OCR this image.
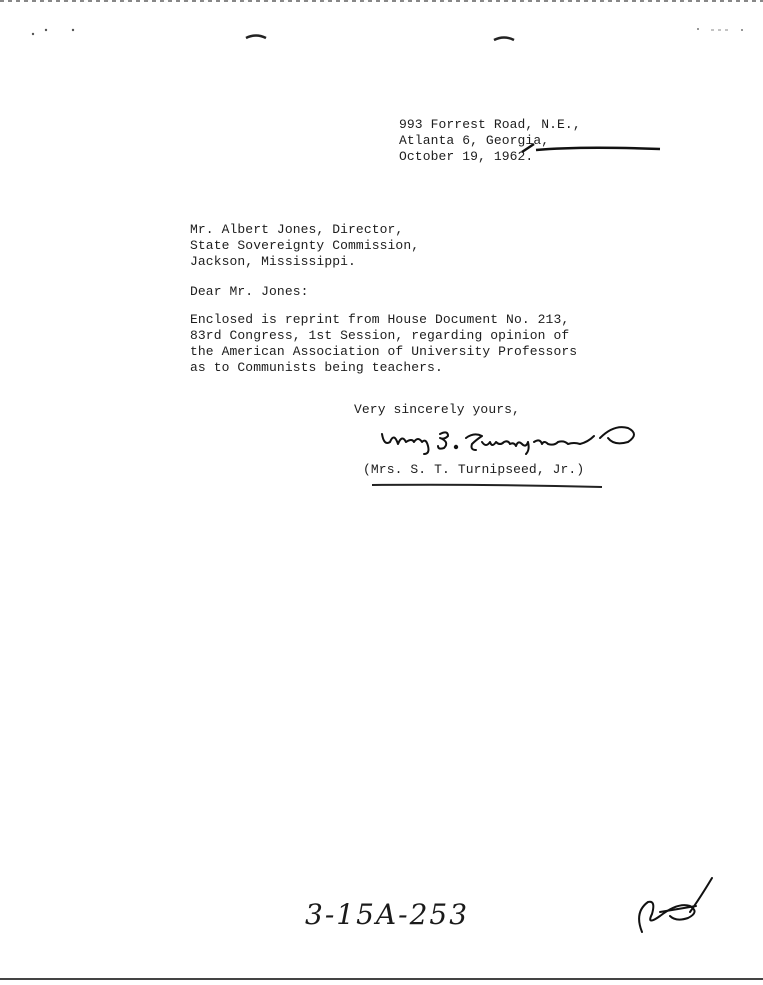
993 Forrest Road, N.E.,
Atlanta 6, Georgia,
October 19, 1962.
Mr. Albert Jones, Director,
State Sovereignty Commission,
Jackson, Mississippi.
Dear Mr. Jones:
Enclosed is reprint from House Document No. 213,
83rd Congress, 1st Session, regarding opinion of
the American Association of University Professors
as to Communists being teachers.
Very sincerely yours,
(Mrs. S. T. Turnipseed, Jr.)
3-15A-253
